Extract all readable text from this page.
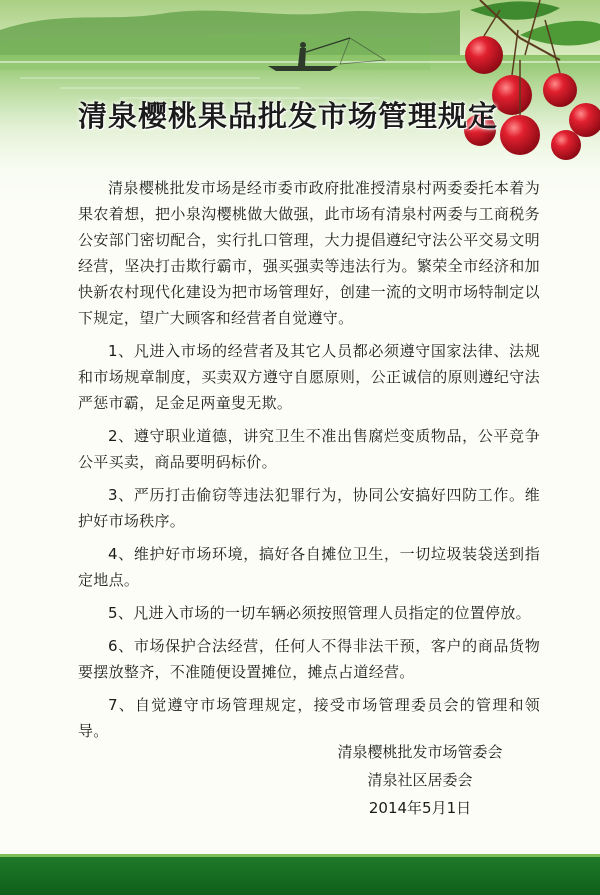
清泉樱桃果品批发市场管理规定

清泉樱桃批发市场是经市委市政府批准授清泉村两委委托本着为果农着想，把小泉沟樱桃做大做强，此市场有清泉村两委与工商税务公安部门密切配合，实行扎口管理，大力提倡遵纪守法公平交易文明经营，坚决打击欺行霸市，强买强卖等违法行为。繁荣全市经济和加快新农村现代化建设为把市场管理好，创建一流的文明市场特制定以下规定，望广大顾客和经营者自觉遵守。

1、凡进入市场的经营者及其它人员都必须遵守国家法律、法规和市场规章制度，买卖双方遵守自愿原则，公正诚信的原则遵纪守法严惩市霸，足金足两童叟无欺。

2、遵守职业道德，讲究卫生不准出售腐烂变质物品，公平竞争公平买卖，商品要明码标价。

3、严历打击偷窃等违法犯罪行为，协同公安搞好四防工作。维护好市场秩序。

4、维护好市场环境，搞好各自摊位卫生，一切垃圾装袋送到指定地点。

5、凡进入市场的一切车辆必须按照管理人员指定的位置停放。

6、市场保护合法经营，任何人不得非法干预，客户的商品货物要摆放整齐，不准随便设置摊位，摊点占道经营。

7、自觉遵守市场管理规定，接受市场管理委员会的管理和领导。

清泉樱桃批发市场管委会
清泉社区居委会
2014年5月1日
